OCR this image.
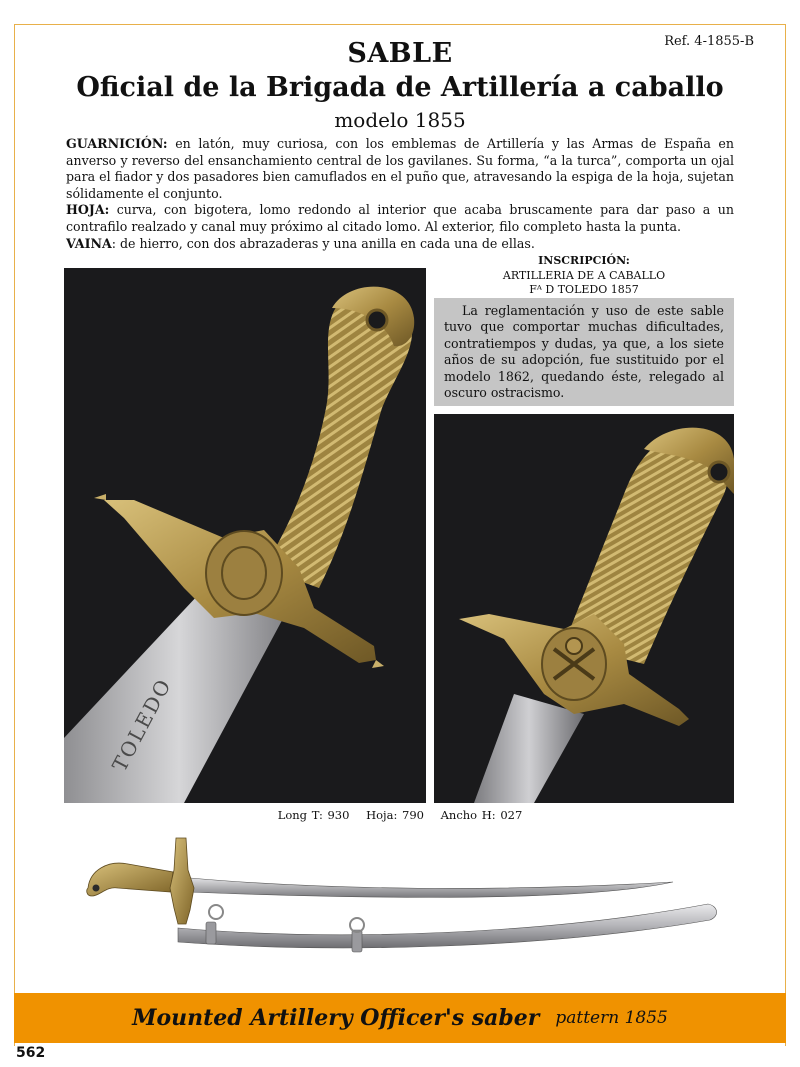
Ref. 4-1855-B
SABLE
Oficial de la Brigada de Artillería a caballo
modelo 1855

GUARNICIÓN: en latón, muy curiosa, con los emblemas de Artillería y las Armas de España en anverso y reverso del ensanchamiento central de los gavilanes. Su forma, “a la turca”, comporta un ojal para el fiador y dos pasadores bien camuflados en el puño que, atravesando la espiga de la hoja, sujetan sólidamente el conjunto.

HOJA: curva, con bigotera, lomo redondo al interior que acaba bruscamente para dar paso a un contrafilo realzado y canal muy próximo al citado lomo. Al exterior, filo completo hasta la punta.

VAINA: de hierro, con dos abrazaderas y una anilla en cada una de ellas.

TOLEDO
INSCRIPCIÓN:
ARTILLERIA DE A CABALLO
Fᴬ D TOLEDO 1857
La reglamentación y uso de este sable tuvo que comportar muchas dificultades, contratiempos y dudas, ya que, a los siete años de su adopción, fue sustituido por el modelo 1862, quedando éste, relegado al oscuro ostracismo.
Long T: 930 Hoja: 790 Ancho H: 027
Mounted Artillery Officer's saber pattern 1855
562
